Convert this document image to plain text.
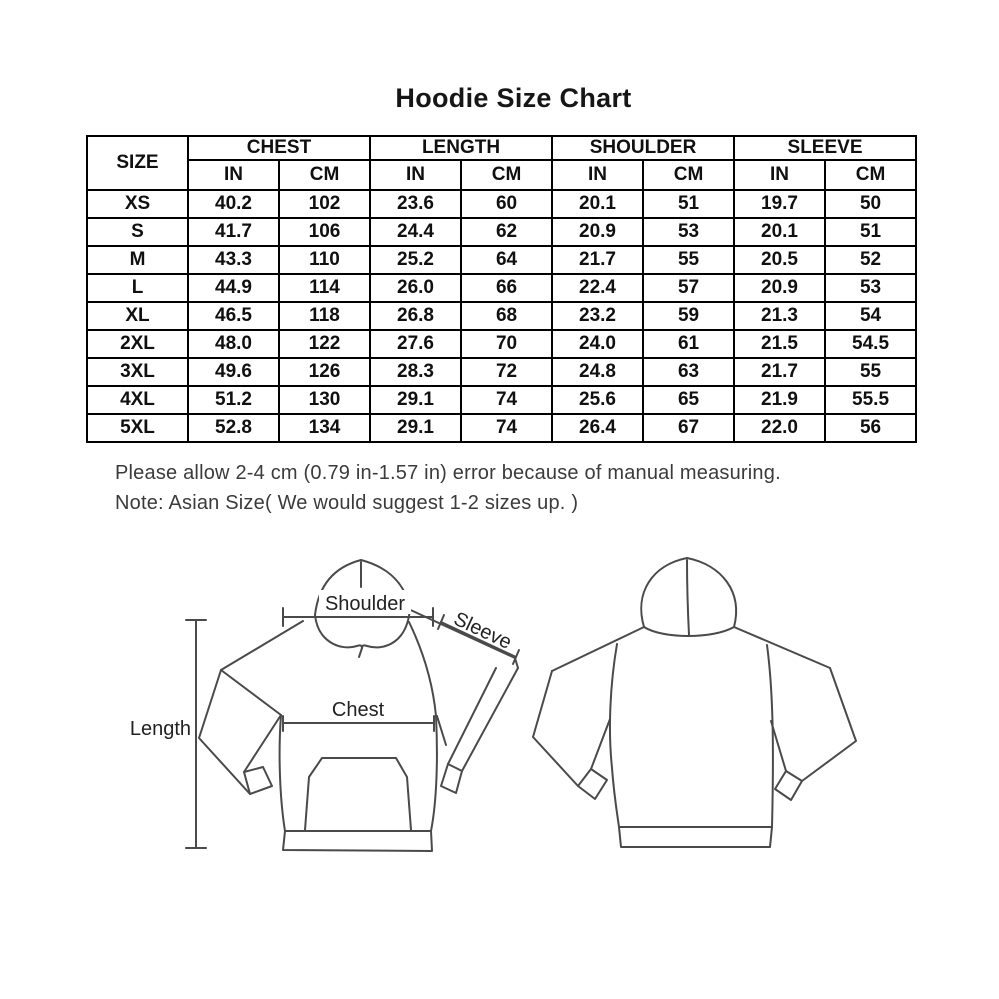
Hoodie Size Chart
SIZE	CHEST		LENGTH		SHOULDER		SLEEVE	
	IN	CM	IN	CM	IN	CM	IN	CM
XS	40.2	102	23.6	60	20.1	51	19.7	50
S	41.7	106	24.4	62	20.9	53	20.1	51
M	43.3	110	25.2	64	21.7	55	20.5	52
L	44.9	114	26.0	66	22.4	57	20.9	53
XL	46.5	118	26.8	68	23.2	59	21.3	54
2XL	48.0	122	27.6	70	24.0	61	21.5	54.5
3XL	49.6	126	28.3	72	24.8	63	21.7	55
4XL	51.2	130	29.1	74	25.6	65	21.9	55.5
5XL	52.8	134	29.1	74	26.4	67	22.0	56

Please allow 2-4 cm (0.79 in-1.57 in) error because of manual measuring.

Note: Asian Size( We would suggest 1-2 sizes up. )

Shoulder
Sleeve
Chest
Length
